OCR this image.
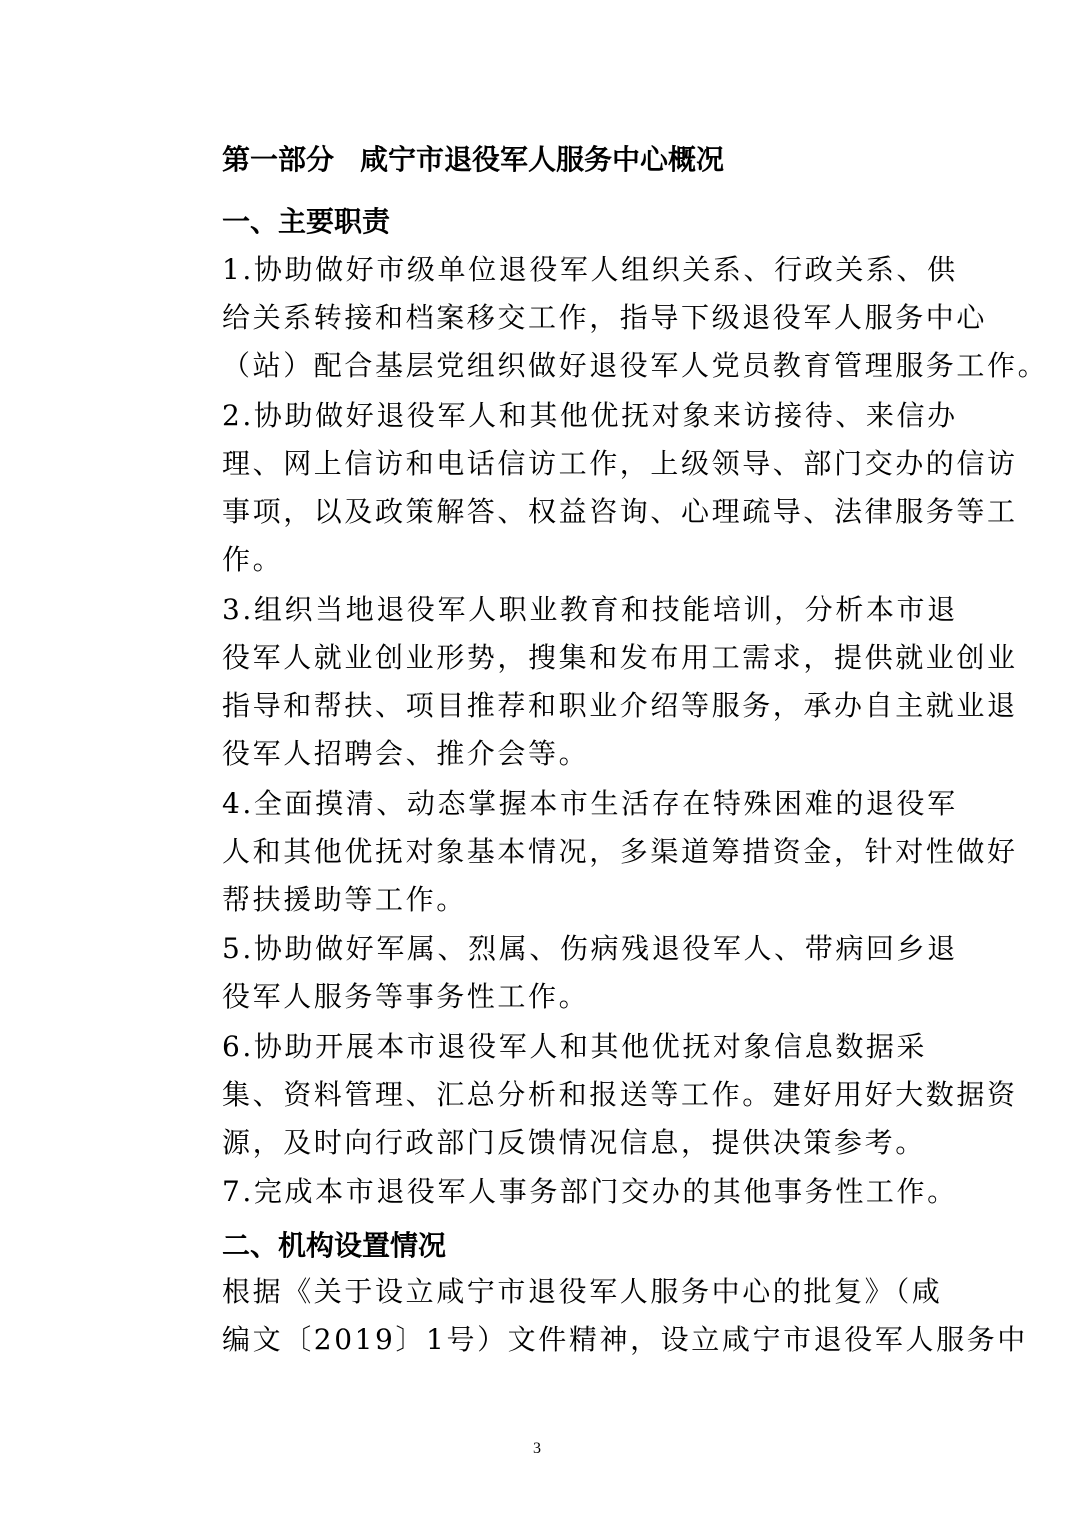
第一部分 咸宁市退役军人服务中心概况
一、主要职责
1.协助做好市级单位退役军人组织关系、行政关系、供
给关系转接和档案移交工作，指导下级退役军人服务中心
（站）配合基层党组织做好退役军人党员教育管理服务工作。
2.协助做好退役军人和其他优抚对象来访接待、来信办
理、网上信访和电话信访工作，上级领导、部门交办的信访
事项，以及政策解答、权益咨询、心理疏导、法律服务等工
作。
3.组织当地退役军人职业教育和技能培训，分析本市退
役军人就业创业形势，搜集和发布用工需求，提供就业创业
指导和帮扶、项目推荐和职业介绍等服务，承办自主就业退
役军人招聘会、推介会等。
4.全面摸清、动态掌握本市生活存在特殊困难的退役军
人和其他优抚对象基本情况，多渠道筹措资金，针对性做好
帮扶援助等工作。
5.协助做好军属、烈属、伤病残退役军人、带病回乡退
役军人服务等事务性工作。
6.协助开展本市退役军人和其他优抚对象信息数据采
集、资料管理、汇总分析和报送等工作。建好用好大数据资
源，及时向行政部门反馈情况信息，提供决策参考。
7.完成本市退役军人事务部门交办的其他事务性工作。
二、机构设置情况
根据《关于设立咸宁市退役军人服务中心的批复》（咸
编文〔2019〕1号）文件精神，设立咸宁市退役军人服务中
3
